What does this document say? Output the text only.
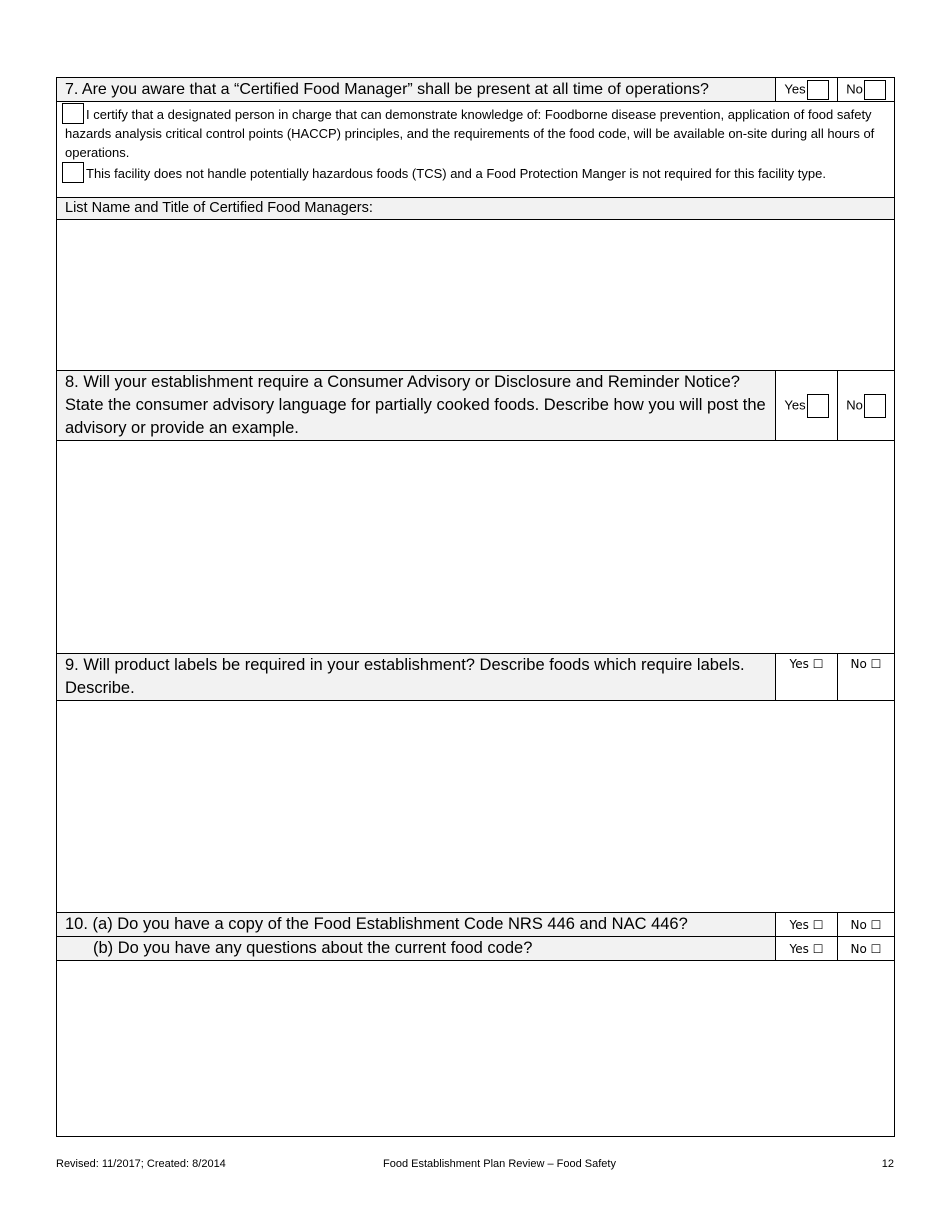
7. Are you aware that a “Certified Food Manager” shall be present at all time of operations?	Yes	No

I certify that a designated person in charge that can demonstrate knowledge of: Foodborne disease prevention, application of food safety hazards analysis critical control points (HACCP) principles, and the requirements of the food code, will be available on-site during all hours of operations.
This facility does not handle potentially hazardous foods (TCS) and a Food Protection Manger is not required for this facility type.		

List Name and Title of Certified Food Managers:		

8. Will your establishment require a Consumer Advisory or Disclosure and Reminder Notice? State the consumer advisory language for partially cooked foods. Describe how you will post the advisory or provide an example.	Yes	No

9. Will product labels be required in your establishment? Describe foods which require labels. Describe.	Yes ☐	No ☐

10. (a) Do you have a copy of the Food Establishment Code NRS 446 and NAC 446?	Yes ☐	No ☐
(b) Do you have any questions about the current food code?	Yes ☐	No ☐

Revised: 11/2017; Created: 8/2014	Food Establishment Plan Review – Food Safety	12
